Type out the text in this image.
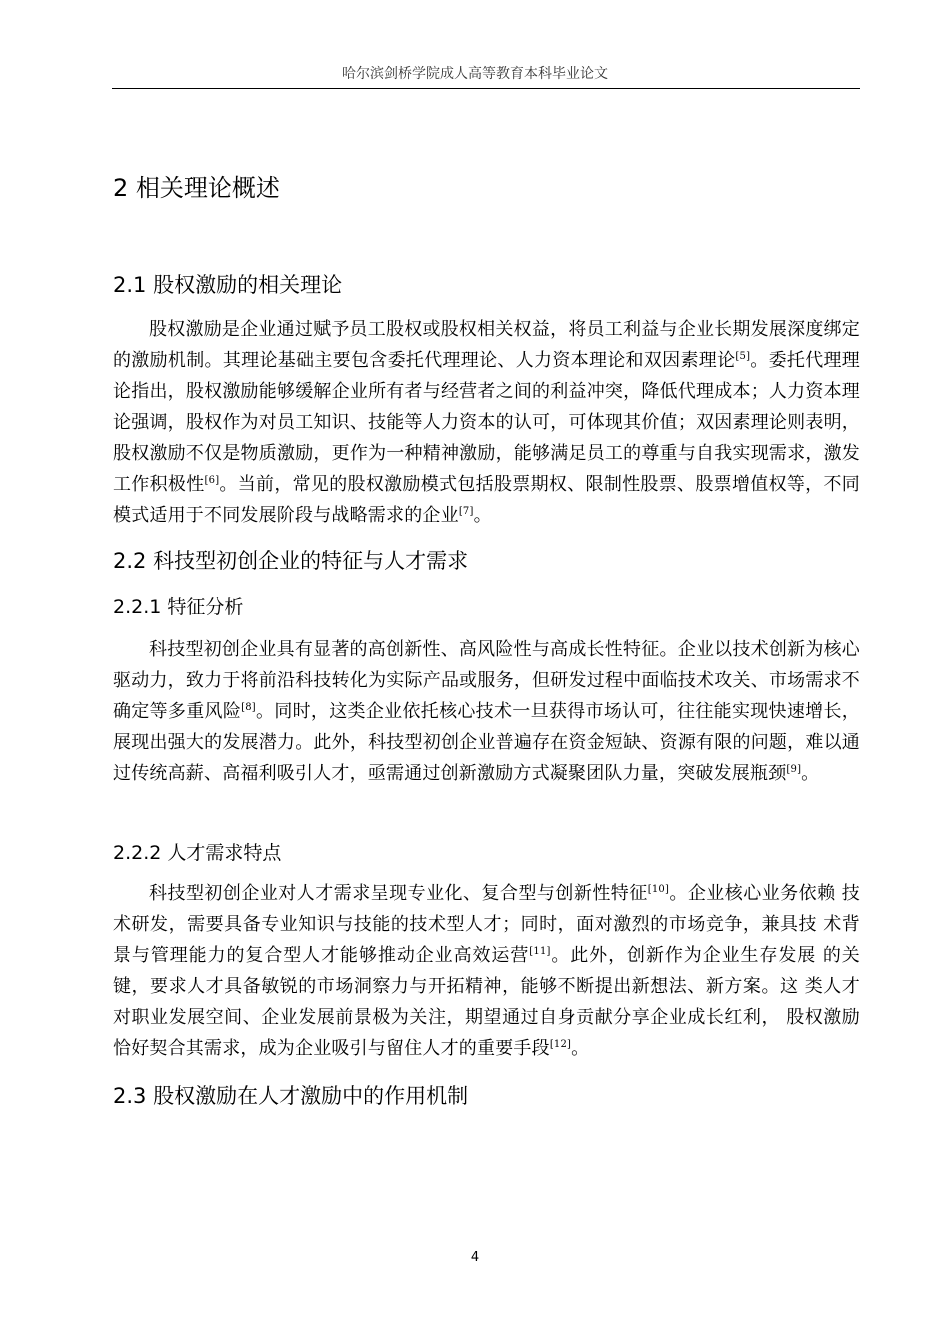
哈尔滨剑桥学院成人高等教育本科毕业论文
2 相关理论概述
2.1 股权激励的相关理论

股权激励是企业通过赋予员工股权或股权相关权益，将员工利益与企业长期发展深度绑定的激励机制。其理论基础主要包含委托代理理论、人力资本理论和双因素理论[5]。委托代理理论指出，股权激励能够缓解企业所有者与经营者之间的利益冲突，降低代理成本；人力资本理论强调，股权作为对员工知识、技能等人力资本的认可，可体现其价值；双因素理论则表明，股权激励不仅是物质激励，更作为一种精神激励，能够满足员工的尊重与自我实现需求，激发工作积极性[6]。当前，常见的股权激励模式包括股票期权、限制性股票、股票增值权等，不同模式适用于不同发展阶段与战略需求的企业[7]。

2.2 科技型初创企业的特征与人才需求
2.2.1 特征分析

科技型初创企业具有显著的高创新性、高风险性与高成长性特征。企业以技术创新为核心驱动力，致力于将前沿科技转化为实际产品或服务，但研发过程中面临技术攻关、市场需求不确定等多重风险[8]。同时，这类企业依托核心技术一旦获得市场认可，往往能实现快速增长，展现出强大的发展潜力。此外，科技型初创企业普遍存在资金短缺、资源有限的问题，难以通过传统高薪、高福利吸引人才，亟需通过创新激励方式凝聚团队力量，突破发展瓶颈[9]。

2.2.2 人才需求特点

科技型初创企业对人才需求呈现专业化、复合型与创新性特征[10]。企业核心业务依赖 技术研发，需要具备专业知识与技能的技术型人才；同时，面对激烈的市场竞争，兼具技 术背景与管理能力的复合型人才能够推动企业高效运营[11]。此外，创新作为企业生存发展 的关键，要求人才具备敏锐的市场洞察力与开拓精神，能够不断提出新想法、新方案。这 类人才对职业发展空间、企业发展前景极为关注，期望通过自身贡献分享企业成长红利， 股权激励恰好契合其需求，成为企业吸引与留住人才的重要手段[12]。

2.3 股权激励在人才激励中的作用机制
4
